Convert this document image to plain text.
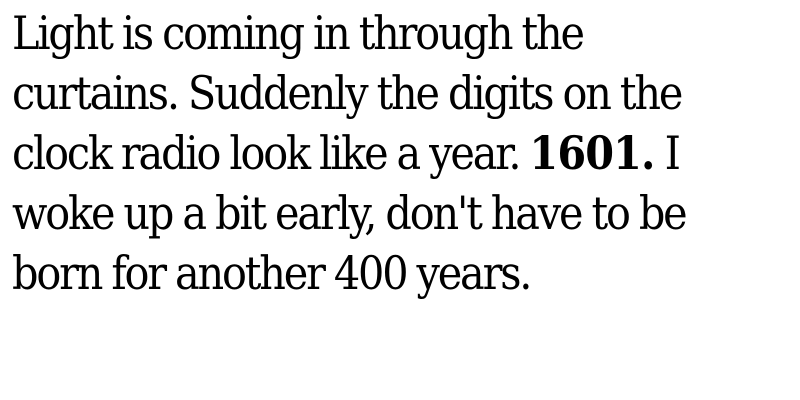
Light is coming in through the
curtains. Suddenly the digits on the
clock radio look like a year. 1601. I
woke up a bit early, don't have to be
born for another 400 years.
